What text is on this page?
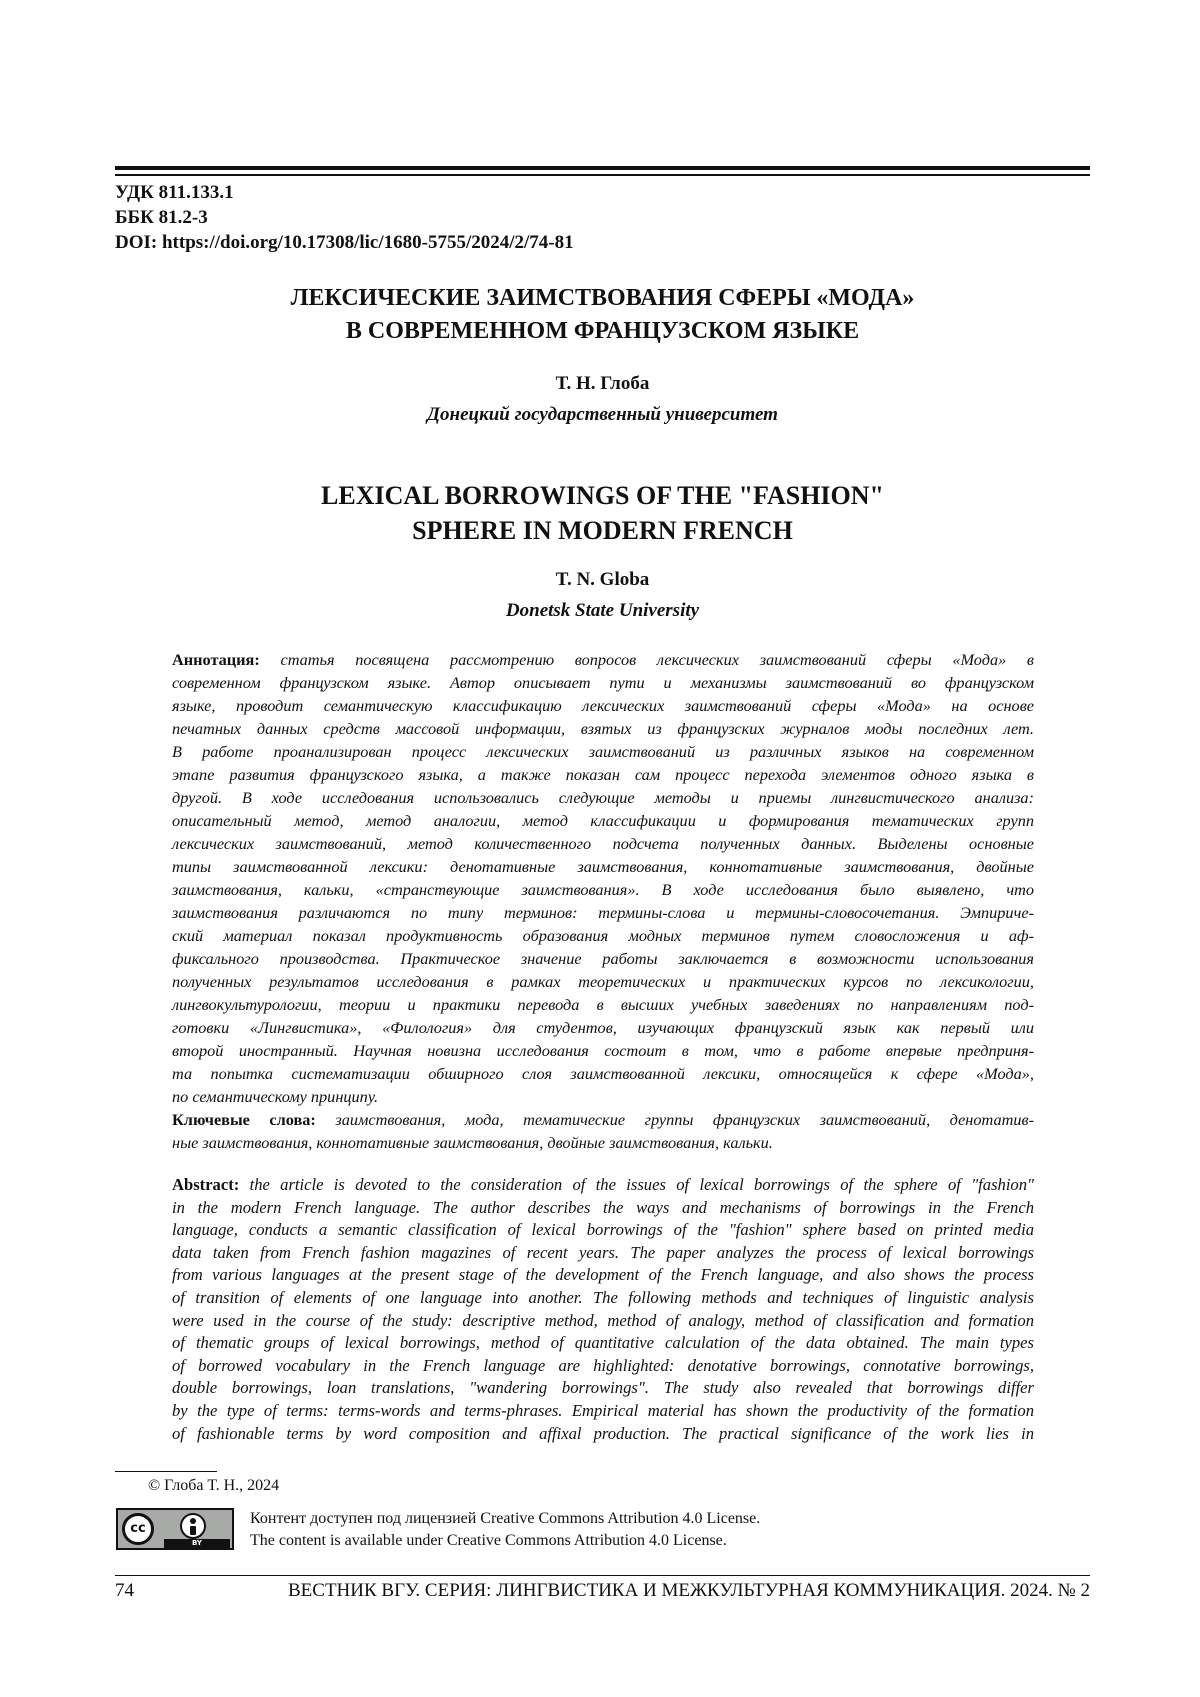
УДК 811.133.1
ББК 81.2-3
DOI: https://doi.org/10.17308/lic/1680-5755/2024/2/74-81
ЛЕКСИЧЕСКИЕ ЗАИМСТВОВАНИЯ СФЕРЫ «МОДА»
В СОВРЕМЕННОМ ФРАНЦУЗСКОМ ЯЗЫКЕ
Т. Н. Глоба
Донецкий государственный университет
LEXICAL BORROWINGS OF THE "FASHION"
SPHERE IN MODERN FRENCH
T. N. Globa
Donetsk State University
Аннотация: статья посвящена рассмотрению вопросов лексических заимствований сферы «Мода» в
современном французском языке. Автор описывает пути и механизмы заимствований во французском
языке, проводит семантическую классификацию лексических заимствований сферы «Мода» на основе
печатных данных средств массовой информации, взятых из французских журналов моды последних лет.
В работе проанализирован процесс лексических заимствований из различных языков на современном
этапе развития французского языка, а также показан сам процесс перехода элементов одного языка в
другой. В ходе исследования использовались следующие методы и приемы лингвистического анализа:
описательный метод, метод аналогии, метод классификации и формирования тематических групп
лексических заимствований, метод количественного подсчета полученных данных. Выделены основные
типы заимствованной лексики: денотативные заимствования, коннотативные заимствования, двойные
заимствования, кальки, «странствующие заимствования». В ходе исследования было выявлено, что
заимствования различаются по типу терминов: термины-слова и термины-словосочетания. Эмпириче-
ский материал показал продуктивность образования модных терминов путем словосложения и аф-
фиксального производства. Практическое значение работы заключается в возможности использования
полученных результатов исследования в рамках теоретических и практических курсов по лексикологии,
лингвокультурологии, теории и практики перевода в высших учебных заведениях по направлениям под-
готовки «Лингвистика», «Филология» для студентов, изучающих французский язык как первый или
второй иностранный. Научная новизна исследования состоит в том, что в работе впервые предприня-
та попытка систематизации обширного слоя заимствованной лексики, относящейся к сфере «Мода»,
по семантическому принципу.
Ключевые слова: заимствования, мода, тематические группы французских заимствований, денотатив-
ные заимствования, коннотативные заимствования, двойные заимствования, кальки.
Abstract: the article is devoted to the consideration of the issues of lexical borrowings of the sphere of "fashion"
in the modern French language. The author describes the ways and mechanisms of borrowings in the French
language, conducts a semantic classification of lexical borrowings of the "fashion" sphere based on printed media
data taken from French fashion magazines of recent years. The paper analyzes the process of lexical borrowings
from various languages at the present stage of the development of the French language, and also shows the process
of transition of elements of one language into another. The following methods and techniques of linguistic analysis
were used in the course of the study: descriptive method, method of analogy, method of classification and formation
of thematic groups of lexical borrowings, method of quantitative calculation of the data obtained. The main types
of borrowed vocabulary in the French language are highlighted: denotative borrowings, connotative borrowings,
double borrowings, loan translations, "wandering borrowings". The study also revealed that borrowings differ
by the type of terms: terms-words and terms-phrases. Empirical material has shown the productivity of the formation
of fashionable terms by word composition and affixal production. The practical significance of the work lies in
© Глоба Т. Н., 2024
cc
BY
Контент доступен под лицензией Creative Commons Attribution 4.0 License.
The content is available under Creative Commons Attribution 4.0 License.
74	ВЕСТНИК ВГУ. СЕРИЯ: ЛИНГВИСТИКА И МЕЖКУЛЬТУРНАЯ КОММУНИКАЦИЯ. 2024. № 2
